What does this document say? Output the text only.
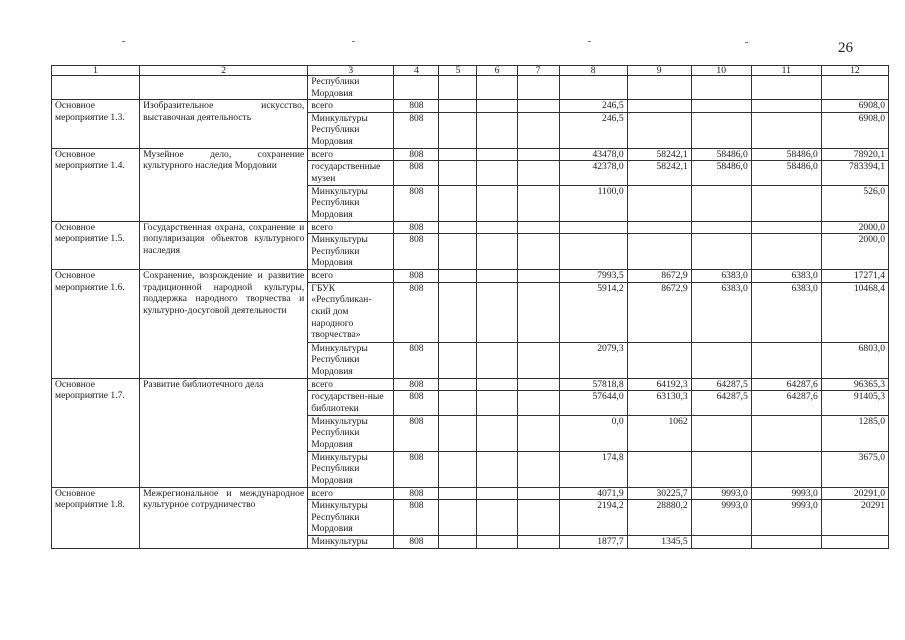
26
1	2	3	4	5	6	7	8	9	10	11	12
		Республики Мордовия									
Основное мероприятие 1.3.	Изобразительное искусство, выставочная деятельность	всего	808				246,5				6908,0
		Минкультуры Республики Мордовия	808				246,5				6908,0
Основное мероприятие 1.4.	Музейное дело, сохранение культурного наследия Мордовии	всего	808				43478,0	58242,1	58486,0	58486,0	78920,1
		государственные музеи	808				42378,0	58242,1	58486,0	58486,0	783394,1
		Минкультуры Республики Мордовия	808				1100,0				526,0
Основное мероприятие 1.5.	Государственная охрана, сохранение и популяризация объектов культурного наследия	всего	808								2000,0
		Минкультуры Республики Мордовия	808								2000,0
Основное мероприятие 1.6.	Сохранение, возрождение и развитие традиционной народной культуры, поддержка народного творчества и культурно-досуговой деятельности	всего	808				7993,5	8672,9	6383,0	6383,0	17271,4
		ГБУК «Республикан-ский дом народного творчества»	808				5914,2	8672,9	6383,0	6383,0	10468,4
		Минкультуры Республики Мордовия	808				2079,3				6803,0
Основное мероприятие 1.7.	Развитие библиотечного дела	всего	808				57818,8	64192,3	64287,5	64287,6	96365,3
		государствен-ные библиотеки	808				57644,0	63130,3	64287,5	64287,6	91405,3
		Минкультуры Республики Мордовия	808				0,0	1062			1285,0
		Минкультуры Республики Мордовия	808				174,8				3675,0
Основное мероприятие 1.8.	Межрегиональное и международное культурное сотрудничество	всего	808				4071,9	30225,7	9993,0	9993,0	20291,0
		Минкультуры Республики Мордовия	808				2194,2	28880,2	9993,0	9993,0	20291
		Минкультуры	808				1877,7	1345,5			
